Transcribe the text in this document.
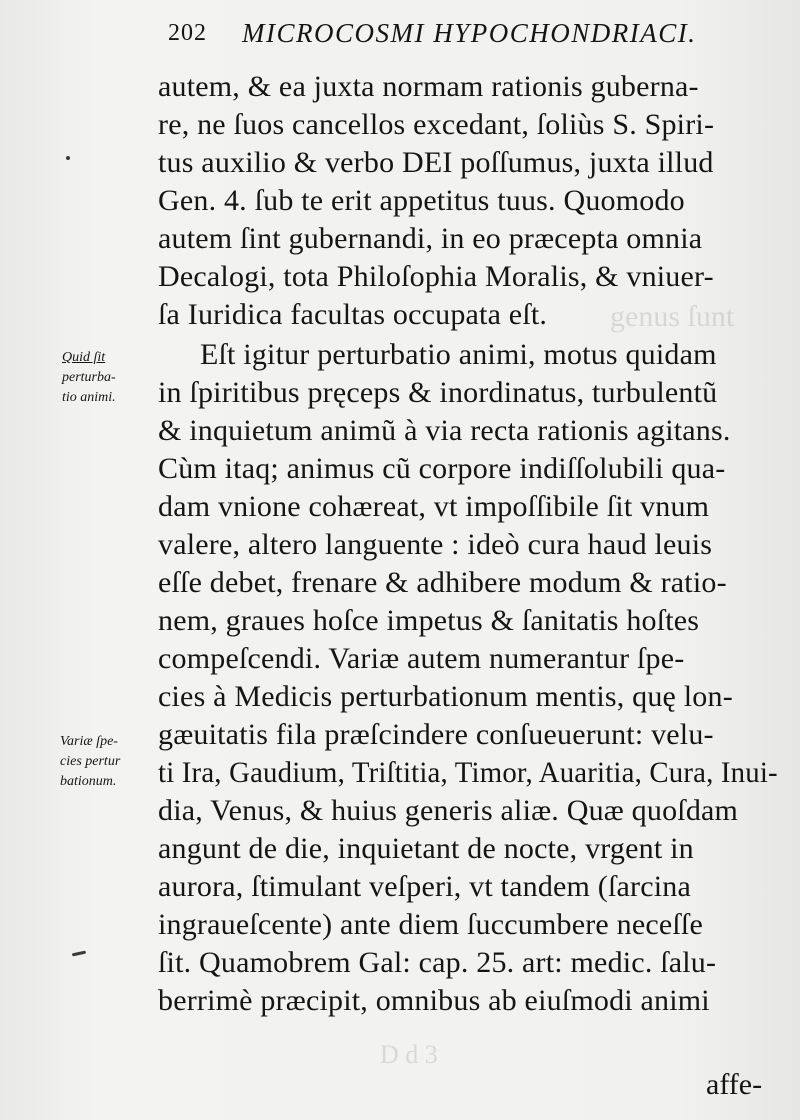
202 MICROCOSMI HYPOCHONDRIACI.
genus ſunt
D d 3
autem, & ea juxta normam rationis guberna-
re, ne ſuos cancellos excedant, ſoliùs S. Spiri-
tus auxilio & verbo DEI poſſumus, juxta illud
Gen. 4. ſub te erit appetitus tuus. Quomodo
autem ſint gubernandi, in eo præcepta omnia
Decalogi, tota Philoſophia Moralis, & vniuer-
ſa Iuridica facultas occupata eſt.
Eſt igitur perturbatio animi, motus quidam
in ſpiritibus pręceps & inordinatus, turbulentũ
& inquietum animũ à via recta rationis agitans.
Cùm itaq; animus cũ corpore indiſſolubili qua-
dam vnione cohæreat, vt impoſſibile ſit vnum
valere, altero languente : ideò cura haud leuis
eſſe debet, frenare & adhibere modum & ratio-
nem, graues hoſce impetus & ſanitatis hoſtes
compeſcendi. Variæ autem numerantur ſpe-
cies à Medicis perturbationum mentis, quę lon-
gæuitatis fila præſcindere conſueuerunt: velu-
ti Ira, Gaudium, Triſtitia, Timor, Auaritia, Cura, Inui-
dia, Venus, & huius generis aliæ. Quæ quoſdam
angunt de die, inquietant de nocte, vrgent in
aurora, ſtimulant veſperi, vt tandem (ſarcina
ingraueſcente) ante diem ſuccumbere neceſſe
ſit. Quamobrem Gal: cap. 25. art: medic. ſalu-
berrimè præcipit, omnibus ab eiuſmodi animi
affe-
Quid ſit
perturba-
tio animi.
Variæ ſpe-
cies pertur
bationum.
